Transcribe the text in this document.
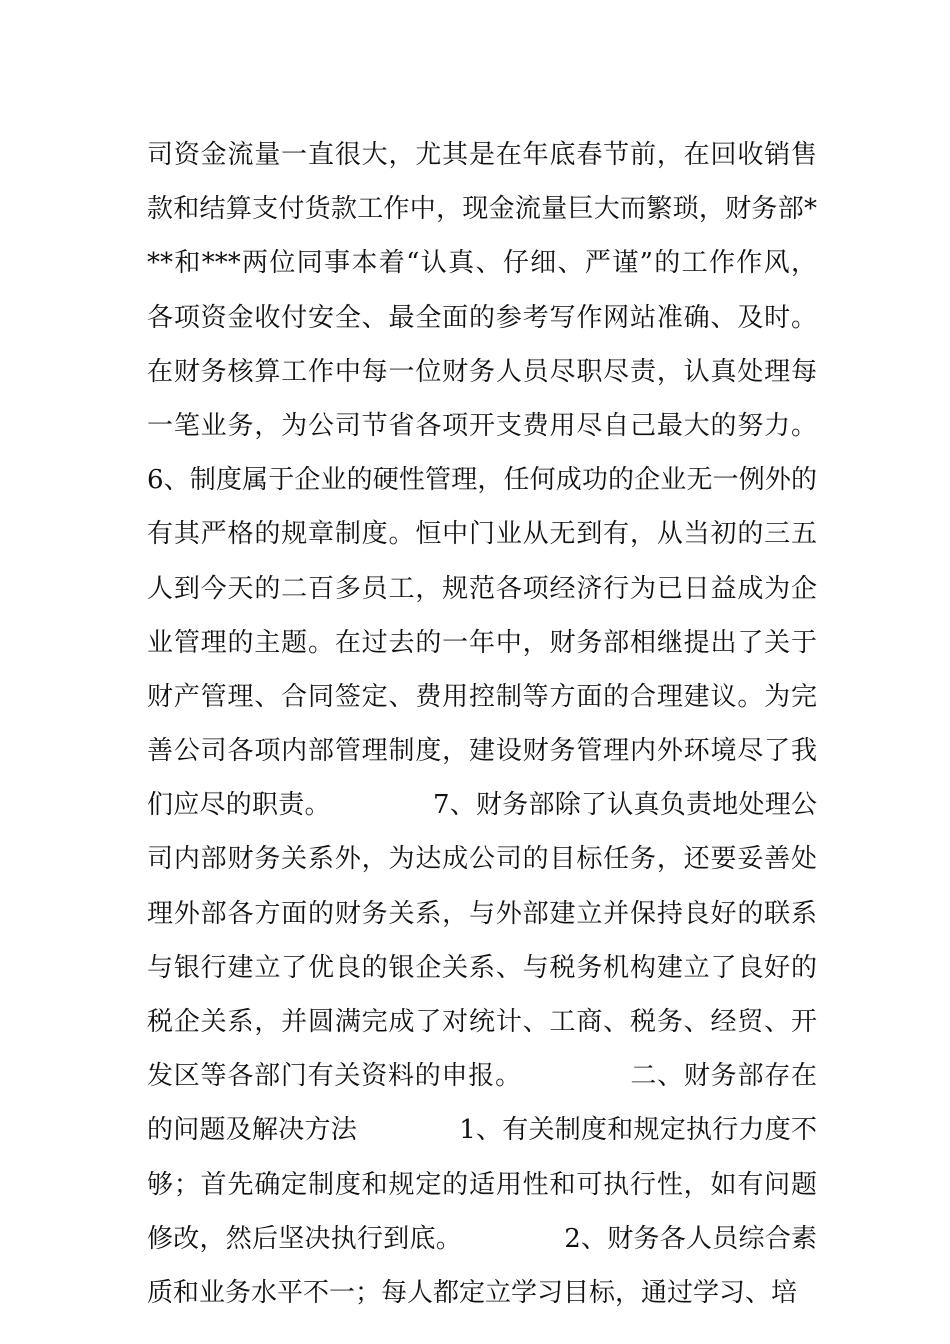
司资金流量一直很大，尤其是在年底春节前，在回收销售
款和结算支付货款工作中，现金流量巨大而繁琐，财务部*
**和***两位同事本着“认真、仔细、严谨”的工作作风，
各项资金收付安全、最全面的参考写作网站准确、及时。
在财务核算工作中每一位财务人员尽职尽责，认真处理每
一笔业务，为公司节省各项开支费用尽自己最大的努力。
6、制度属于企业的硬性管理，任何成功的企业无一例外的
有其严格的规章制度。恒中门业从无到有，从当初的三五
人到今天的二百多员工，规范各项经济行为已日益成为企
业管理的主题。在过去的一年中，财务部相继提出了关于
财产管理、合同签定、费用控制等方面的合理建议。为完
善公司各项内部管理制度，建设财务管理内外环境尽了我
们应尽的职责。            7、财务部除了认真负责地处理公
司内部财务关系外，为达成公司的目标任务，还要妥善处
理外部各方面的财务关系，与外部建立并保持良好的联系
与银行建立了优良的银企关系、与税务机构建立了良好的
税企关系，并圆满完成了对统计、工商、税务、经贸、开
发区等各部门有关资料的申报。            二、财务部存在
的问题及解决方法            1、有关制度和规定执行力度不
够；首先确定制度和规定的适用性和可执行性，如有问题
修改，然后坚决执行到底。            2、财务各人员综合素
质和业务水平不一；每人都定立学习目标，通过学习、培
